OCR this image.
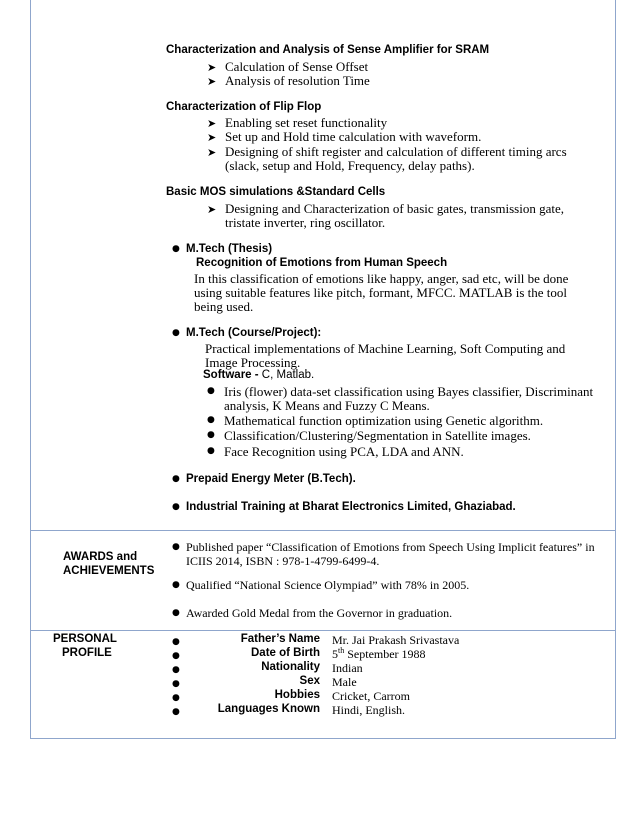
Characterization and Analysis of Sense Amplifier for SRAM
➤ Calculation of Sense Offset
➤ Analysis of resolution Time
Characterization of Flip Flop
➤ Enabling set reset functionality
➤ Set up and Hold time calculation with waveform.
➤ Designing of shift register and calculation of different timing arcs
(slack, setup and Hold, Frequency, delay paths).
Basic MOS simulations &Standard Cells
➤ Designing and Characterization of basic gates, transmission gate,
tristate inverter, ring oscillator.
● M.Tech (Thesis)
Recognition of Emotions from Human Speech
In this classification of emotions like happy, anger, sad etc, will be done
using suitable features like pitch, formant, MFCC. MATLAB is the tool
being used.
● M.Tech (Course/Project):
Practical implementations of Machine Learning, Soft Computing and
Image Processing.
Software - C, Matlab.
● Iris (flower) data-set classification using Bayes classifier, Discriminant
analysis, K Means and Fuzzy C Means.
● Mathematical function optimization using Genetic algorithm.
● Classification/Clustering/Segmentation in Satellite images.
● Face Recognition using PCA, LDA and ANN.
● Prepaid Energy Meter (B.Tech).
● Industrial Training at Bharat Electronics Limited, Ghaziabad.
AWARDS and
ACHIEVEMENTS
● Published paper “Classification of Emotions from Speech Using Implicit features” in
ICIIS 2014, ISBN : 978-1-4799-6499-4.
● Qualified “National Science Olympiad” with 78% in 2005.
● Awarded Gold Medal from the Governor in graduation.
PERSONAL
PROFILE
●
●
●
●
●
●
Father’s Name Mr. Jai Prakash Srivastava
Date of Birth 5th September 1988
Nationality Indian
Sex Male
Hobbies Cricket, Carrom
Languages Known Hindi, English.
